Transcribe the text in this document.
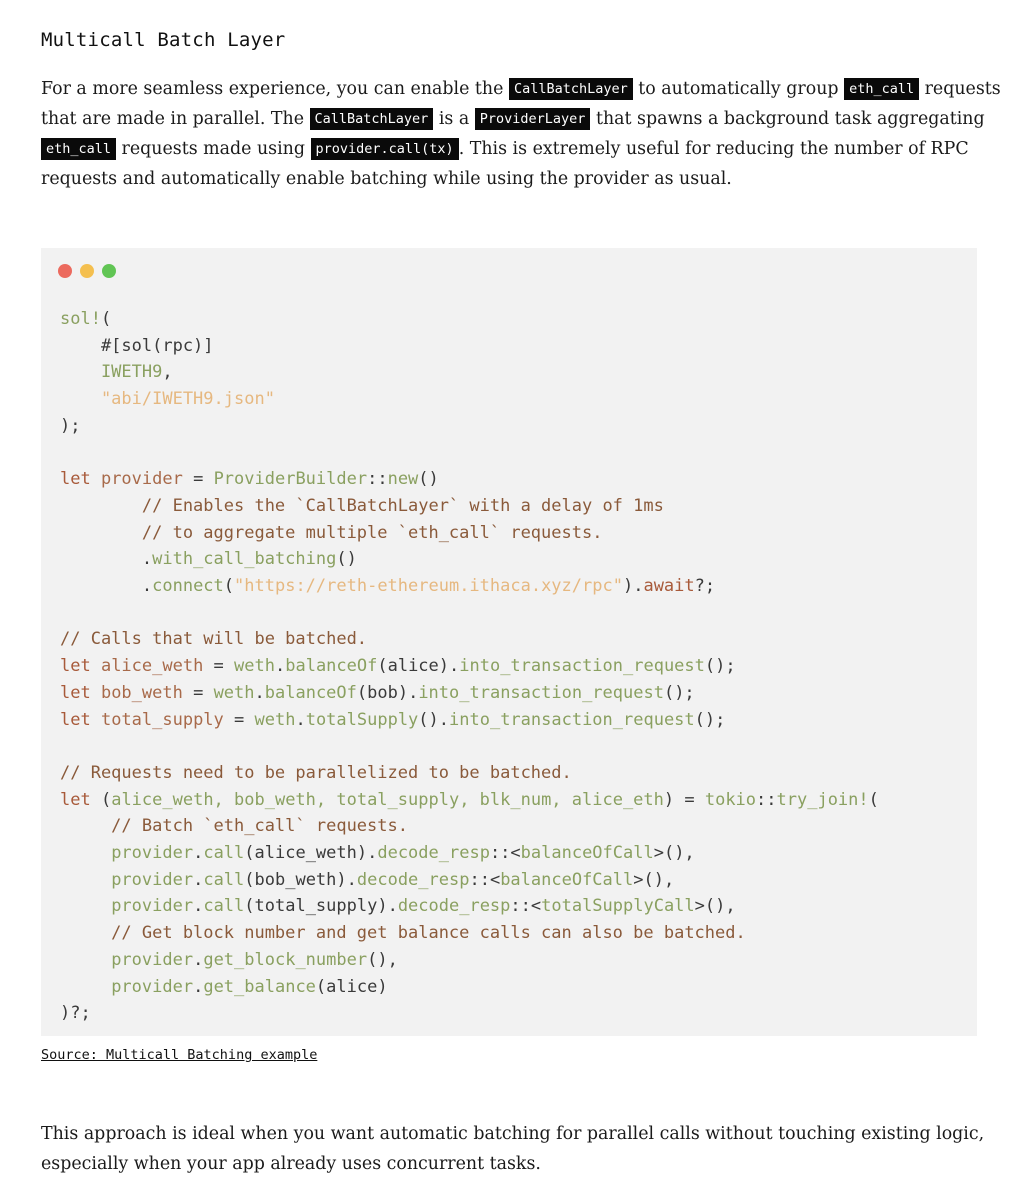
Multicall Batch Layer

For a more seamless experience, you can enable the CallBatchLayer to automatically group eth_call requests that are made in parallel. The CallBatchLayer is a ProviderLayer that spawns a background task aggregating eth_call requests made using provider.call(tx) . This is extremely useful for reducing the number of RPC requests and automatically enable batching while using the provider as usual.

sol!(
#[sol(rpc)]
IWETH9,
"abi/IWETH9.json"
);

let provider = ProviderBuilder::new()
// Enables the `CallBatchLayer` with a delay of 1ms
// to aggregate multiple `eth_call` requests.
.with_call_batching()
.connect("https://reth-ethereum.ithaca.xyz/rpc").await?;

// Calls that will be batched.
let alice_weth = weth.balanceOf(alice).into_transaction_request();
let bob_weth = weth.balanceOf(bob).into_transaction_request();
let total_supply = weth.totalSupply().into_transaction_request();

// Requests need to be parallelized to be batched.
let (alice_weth, bob_weth, total_supply, blk_num, alice_eth) = tokio::try_join!(
// Batch `eth_call` requests.
provider.call(alice_weth).decode_resp::<balanceOfCall>(),
provider.call(bob_weth).decode_resp::<balanceOfCall>(),
provider.call(total_supply).decode_resp::<totalSupplyCall>(),
// Get block number and get balance calls can also be batched.
provider.get_block_number(),
provider.get_balance(alice)
)?;
Source: Multicall Batching example

This approach is ideal when you want automatic batching for parallel calls without touching existing logic, especially when your app already uses concurrent tasks.
